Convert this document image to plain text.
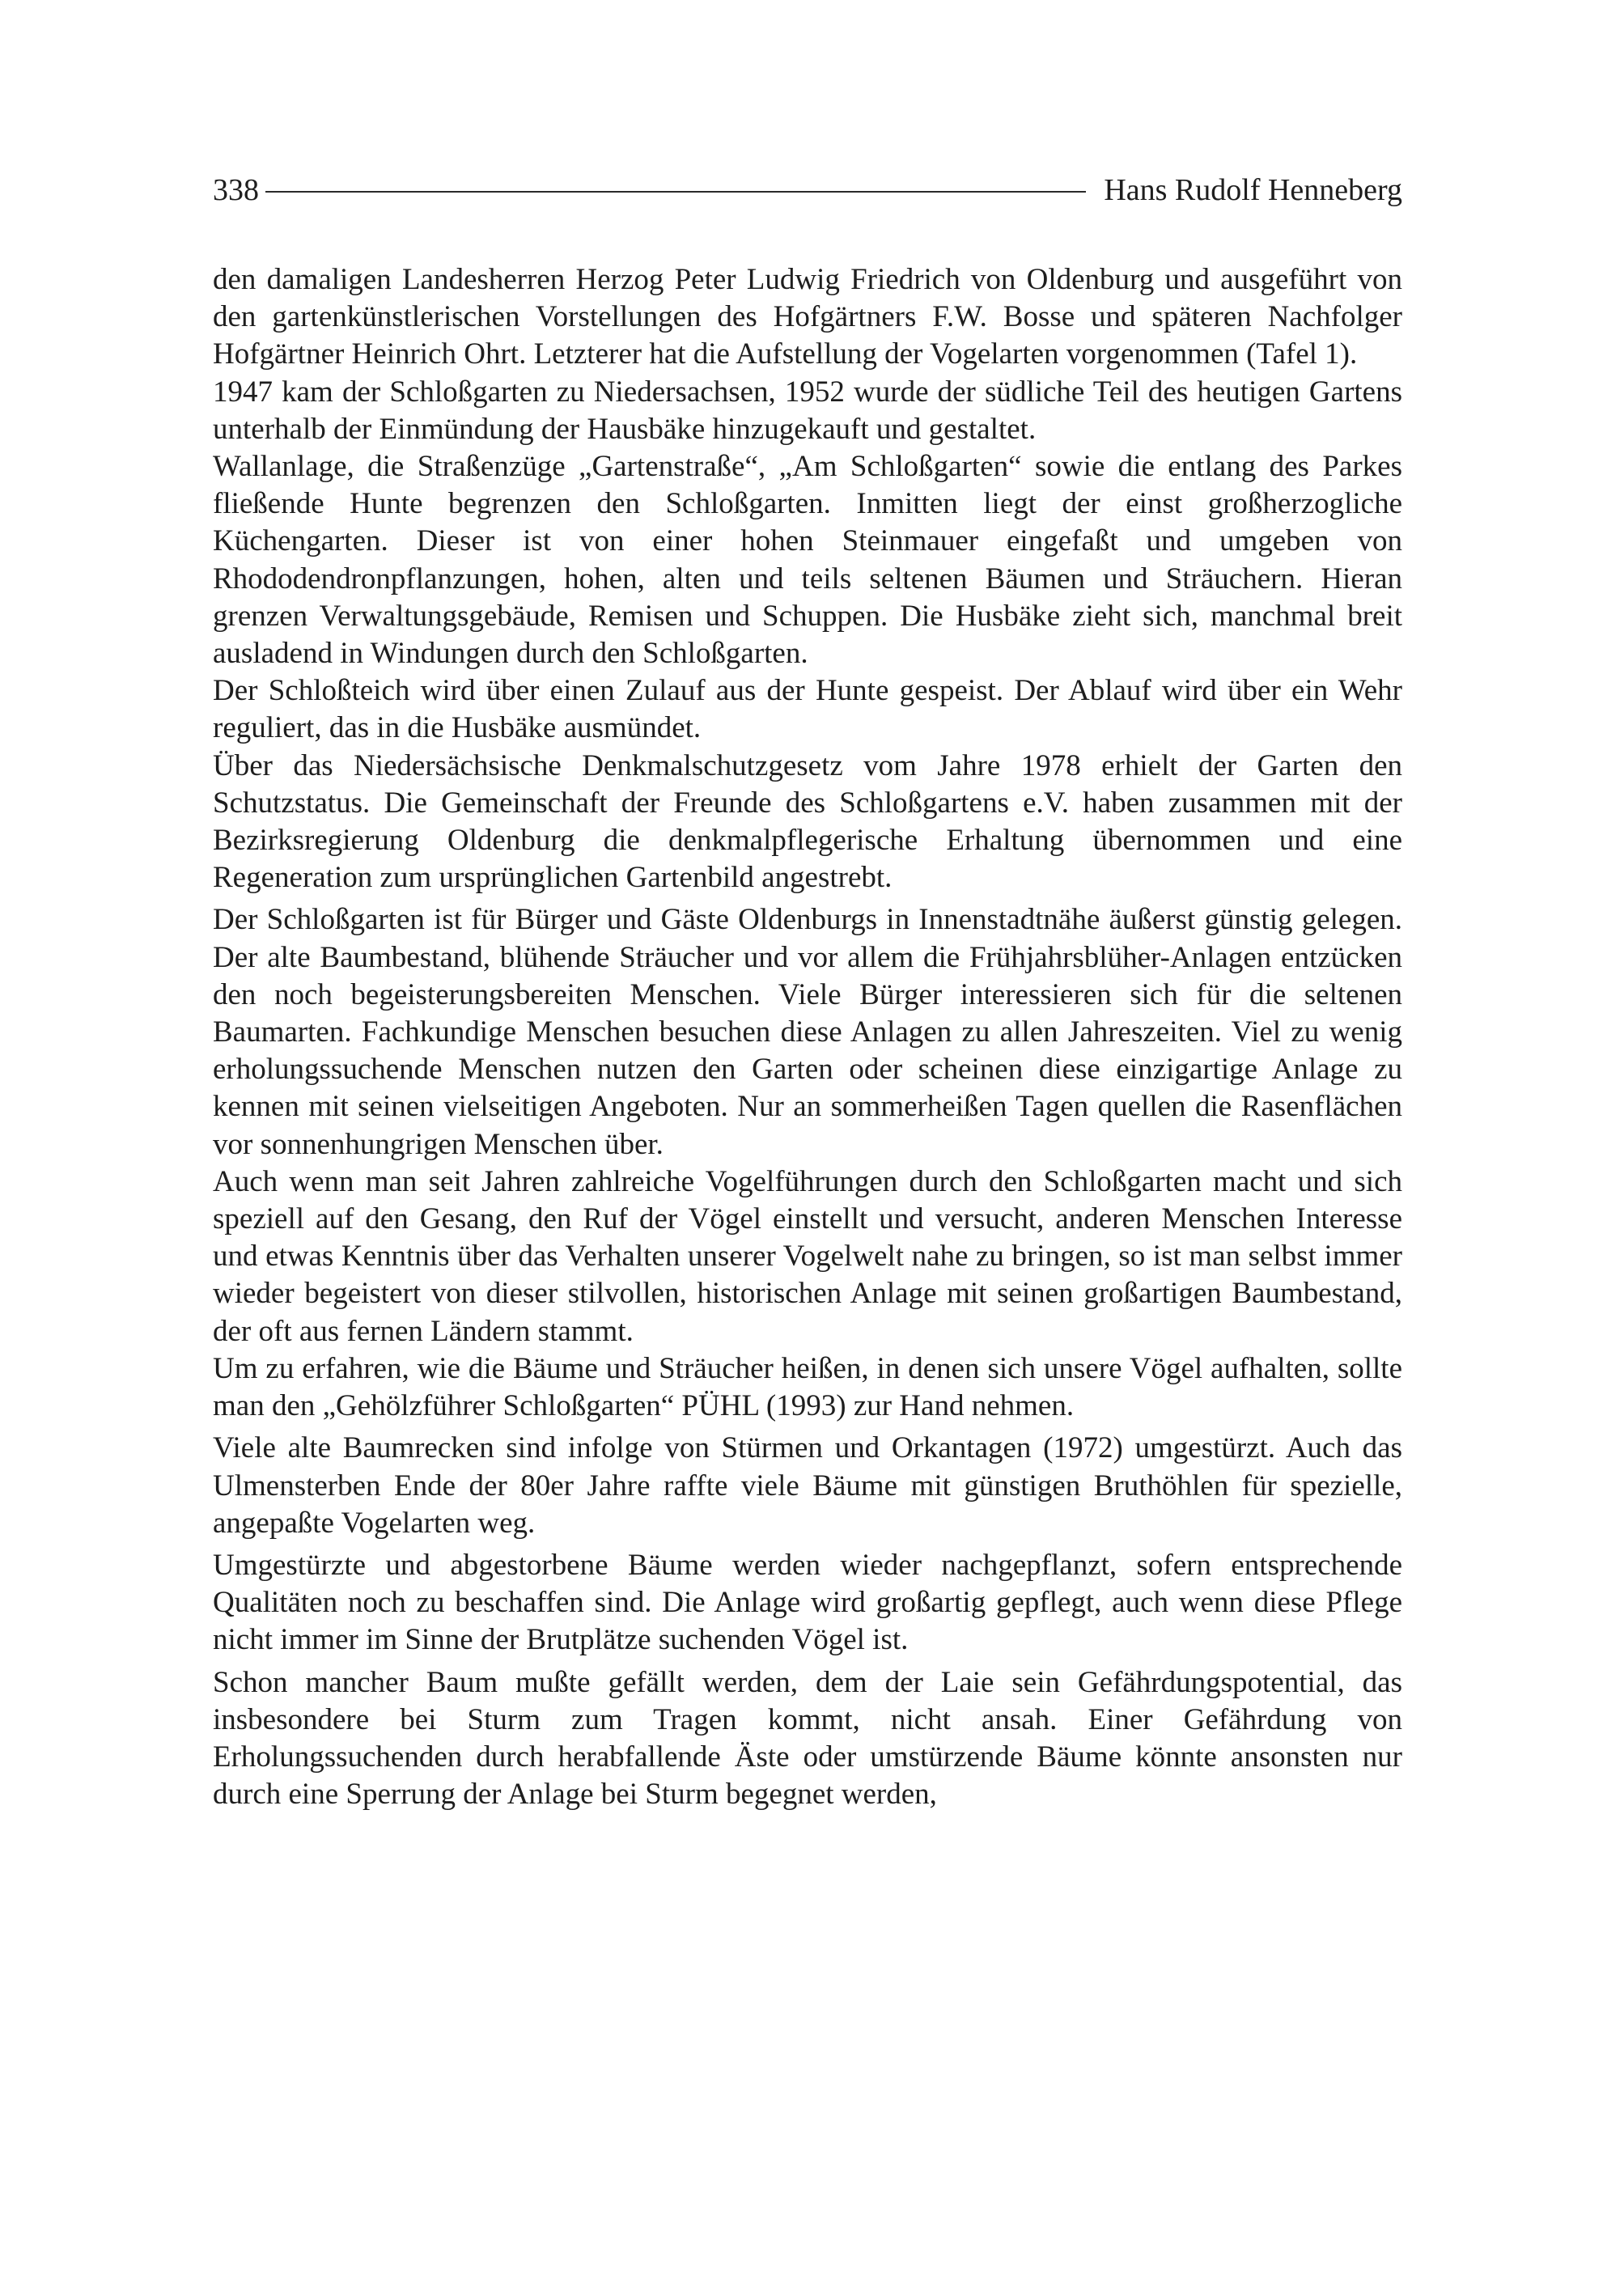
338	Hans Rudolf Henneberg

den damaligen Landesherren Herzog Peter Ludwig Friedrich von Oldenburg und ausgeführt von den gartenkünstlerischen Vorstellungen des Hofgärtners F.W. Bosse und späteren Nachfolger Hofgärtner Heinrich Ohrt. Letzterer hat die Aufstellung der Vogelarten vorgenommen (Tafel 1).

1947 kam der Schloßgarten zu Niedersachsen, 1952 wurde der südliche Teil des heutigen Gartens unterhalb der Einmündung der Hausbäke hinzugekauft und gestaltet.

Wallanlage, die Straßenzüge „Gartenstraße“, „Am Schloßgarten“ sowie die entlang des Parkes fließende Hunte begrenzen den Schloßgarten. Inmitten liegt der einst großherzogliche Küchengarten. Dieser ist von einer hohen Steinmauer eingefaßt und umgeben von Rhododendronpflanzungen, hohen, alten und teils seltenen Bäumen und Sträuchern. Hieran grenzen Verwaltungsgebäude, Remisen und Schuppen. Die Husbäke zieht sich, manchmal breit ausladend in Windungen durch den Schloßgarten.

Der Schloßteich wird über einen Zulauf aus der Hunte gespeist. Der Ablauf wird über ein Wehr reguliert, das in die Husbäke ausmündet.

Über das Niedersächsische Denkmalschutzgesetz vom Jahre 1978 erhielt der Garten den Schutzstatus. Die Gemeinschaft der Freunde des Schloßgartens e.V. haben zusammen mit der Bezirksregierung Oldenburg die denkmalpflegerische Erhaltung übernommen und eine Regeneration zum ursprünglichen Gartenbild angestrebt.

Der Schloßgarten ist für Bürger und Gäste Oldenburgs in Innenstadtnähe äußerst günstig gelegen. Der alte Baumbestand, blühende Sträucher und vor allem die Frühjahrsblüher-Anlagen entzücken den noch begeisterungsbereiten Menschen. Viele Bürger interessieren sich für die seltenen Baumarten. Fachkundige Menschen besuchen diese Anlagen zu allen Jahreszeiten. Viel zu wenig erholungssuchende Menschen nutzen den Garten oder scheinen diese einzigartige Anlage zu kennen mit seinen vielseitigen Angeboten. Nur an sommerheißen Tagen quellen die Rasenflächen vor sonnenhungrigen Menschen über.

Auch wenn man seit Jahren zahlreiche Vogelführungen durch den Schloßgarten macht und sich speziell auf den Gesang, den Ruf der Vögel einstellt und versucht, anderen Menschen Interesse und etwas Kenntnis über das Verhalten unserer Vogelwelt nahe zu bringen, so ist man selbst immer wieder begeistert von dieser stilvollen, historischen Anlage mit seinen großartigen Baumbestand, der oft aus fernen Ländern stammt.

Um zu erfahren, wie die Bäume und Sträucher heißen, in denen sich unsere Vögel aufhalten, sollte man den „Gehölzführer Schloßgarten“ PÜHL (1993) zur Hand nehmen.

Viele alte Baumrecken sind infolge von Stürmen und Orkantagen (1972) umgestürzt. Auch das Ulmensterben Ende der 80er Jahre raffte viele Bäume mit günstigen Bruthöhlen für spezielle, angepaßte Vogelarten weg.

Umgestürzte und abgestorbene Bäume werden wieder nachgepflanzt, sofern entsprechende Qualitäten noch zu beschaffen sind. Die Anlage wird großartig gepflegt, auch wenn diese Pflege nicht immer im Sinne der Brutplätze suchenden Vögel ist.

Schon mancher Baum mußte gefällt werden, dem der Laie sein Gefährdungspotential, das insbesondere bei Sturm zum Tragen kommt, nicht ansah. Einer Gefährdung von Erholungssuchenden durch herabfallende Äste oder umstürzende Bäume könnte ansonsten nur durch eine Sperrung der Anlage bei Sturm begegnet werden,
